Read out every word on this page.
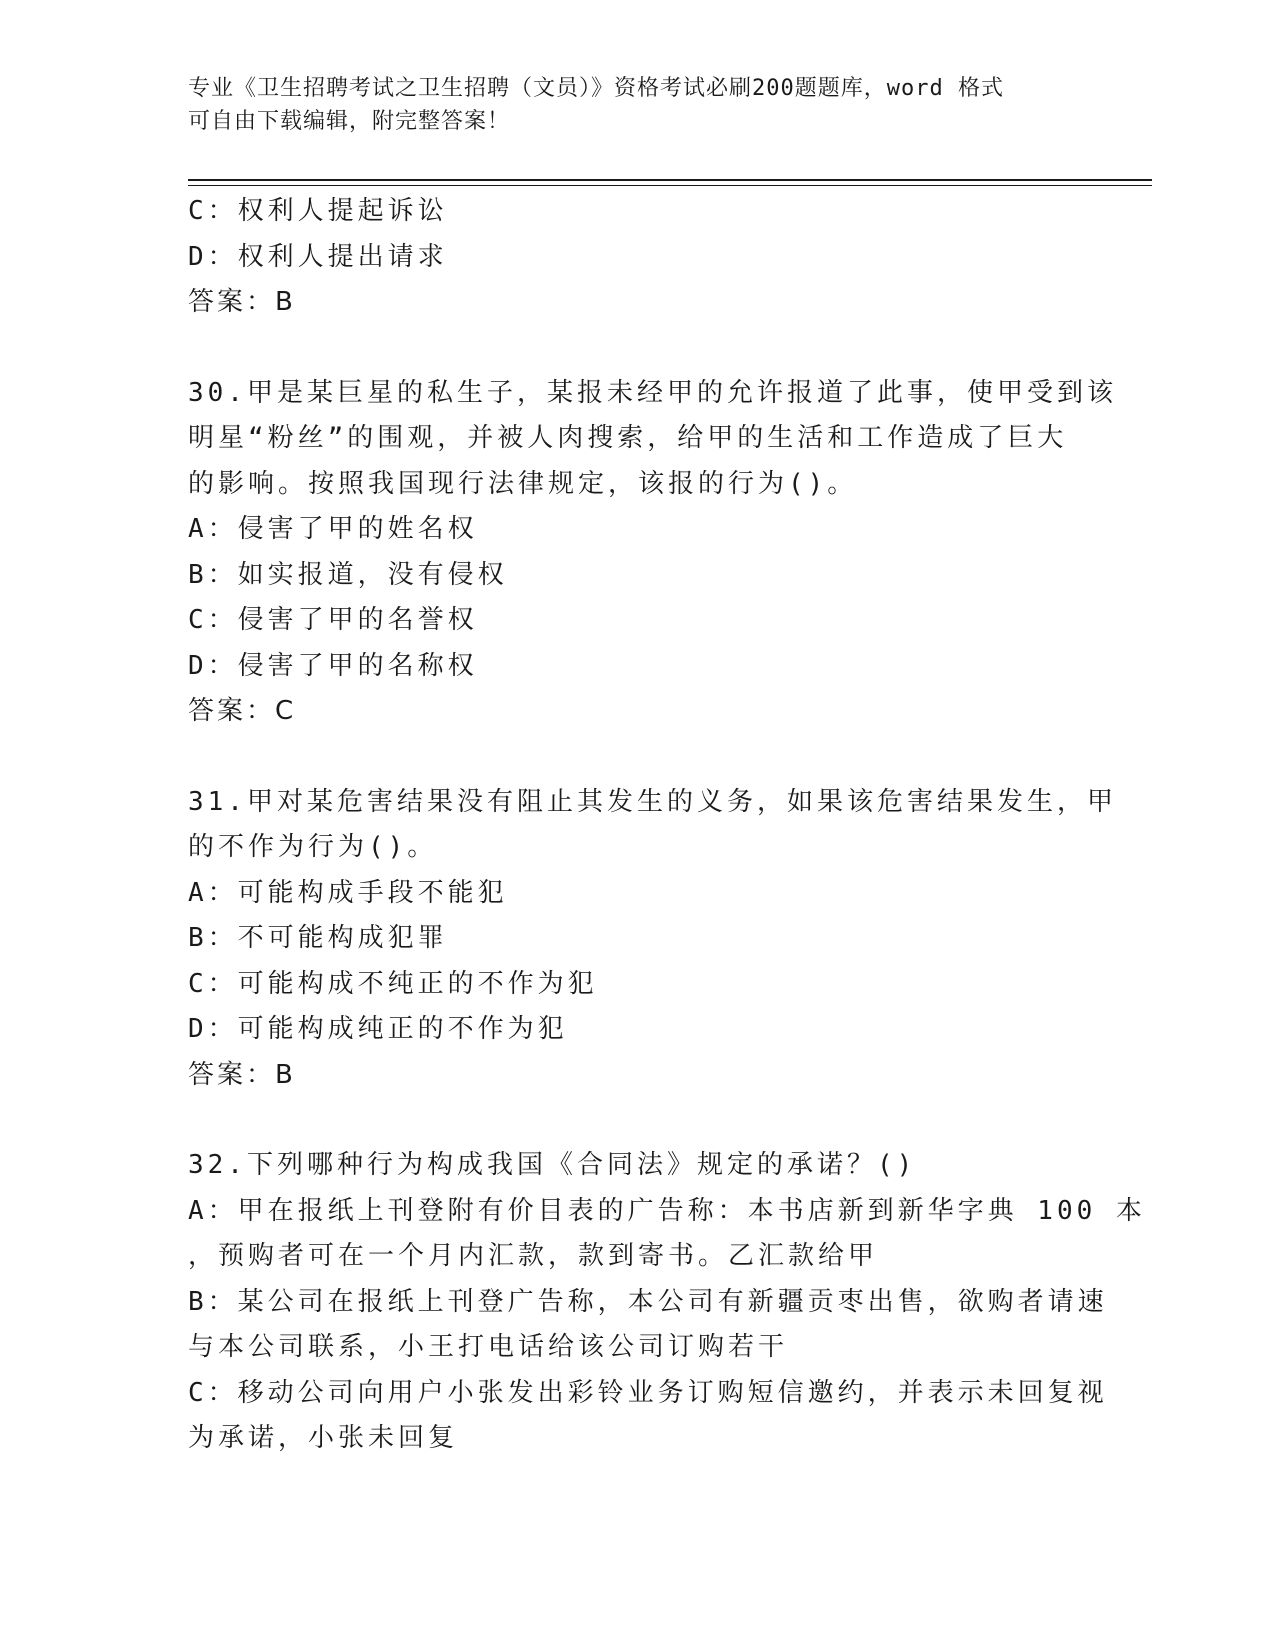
专业《卫生招聘考试之卫生招聘（文员）》资格考试必刷200题题库，word 格式
可自由下载编辑，附完整答案！
C：权利人提起诉讼
D：权利人提出请求
答案：B
30.甲是某巨星的私生子，某报未经甲的允许报道了此事，使甲受到该
明星“粉丝”的围观，并被人肉搜索，给甲的生活和工作造成了巨大
的影响。按照我国现行法律规定，该报的行为()。
A：侵害了甲的姓名权
B：如实报道，没有侵权
C：侵害了甲的名誉权
D：侵害了甲的名称权
答案：C
31.甲对某危害结果没有阻止其发生的义务，如果该危害结果发生，甲
的不作为行为()。
A：可能构成手段不能犯
B：不可能构成犯罪
C：可能构成不纯正的不作为犯
D：可能构成纯正的不作为犯
答案：B
32.下列哪种行为构成我国《合同法》规定的承诺？()
A：甲在报纸上刊登附有价目表的广告称：本书店新到新华字典 100 本
，预购者可在一个月内汇款，款到寄书。乙汇款给甲
B：某公司在报纸上刊登广告称，本公司有新疆贡枣出售，欲购者请速
与本公司联系，小王打电话给该公司订购若干
C：移动公司向用户小张发出彩铃业务订购短信邀约，并表示未回复视
为承诺，小张未回复
